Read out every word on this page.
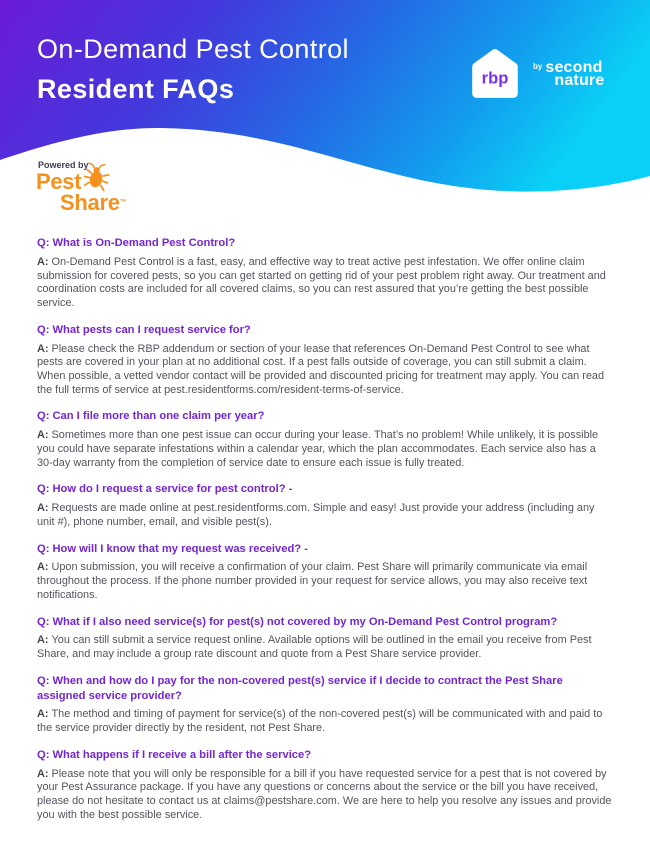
On-Demand Pest Control
Resident FAQs	rbp
by second
nature
Powered by
Pest
Share™
Q: What is On-Demand Pest Control?

A: On-Demand Pest Control is a fast, easy, and effective way to treat active pest infestation. We offer online claim submission for covered pests, so you can get started on getting rid of your pest problem right away. Our treatment and coordination costs are included for all covered claims, so you can rest assured that you’re getting the best possible service.

Q: What pests can I request service for?

A: Please check the RBP addendum or section of your lease that references On-Demand Pest Control to see what pests are covered in your plan at no additional cost. If a pest falls outside of coverage, you can still submit a claim. When possible, a vetted vendor contact will be provided and discounted pricing for treatment may apply. You can read the full terms of service at pest.residentforms.com/resident-terms-of-service.

Q: Can I file more than one claim per year?

A: Sometimes more than one pest issue can occur during your lease. That’s no problem! While unlikely, it is possible you could have separate infestations within a calendar year, which the plan accommodates. Each service also has a 30-day warranty from the completion of service date to ensure each issue is fully treated.

Q: How do I request a service for pest control? -

A: Requests are made online at pest.residentforms.com. Simple and easy! Just provide your address (including any unit #), phone number, email, and visible pest(s).

Q: How will I know that my request was received? -

A: Upon submission, you will receive a confirmation of your claim. Pest Share will primarily communicate via email throughout the process. If the phone number provided in your request for service allows, you may also receive text notifications.

Q: What if I also need service(s) for pest(s) not covered by my On-Demand Pest Control program?

A: You can still submit a service request online. Available options will be outlined in the email you receive from Pest Share, and may include a group rate discount and quote from a Pest Share service provider.

Q: When and how do I pay for the non-covered pest(s) service if I decide to contract the Pest Share assigned service provider?

A: The method and timing of payment for service(s) of the non-covered pest(s) will be communicated with and paid to the service provider directly by the resident, not Pest Share.

Q: What happens if I receive a bill after the service?

A: Please note that you will only be responsible for a bill if you have requested service for a pest that is not covered by your Pest Assurance package. If you have any questions or concerns about the service or the bill you have received, please do not hesitate to contact us at claims@pestshare.com. We are here to help you resolve any issues and provide you with the best possible service.
